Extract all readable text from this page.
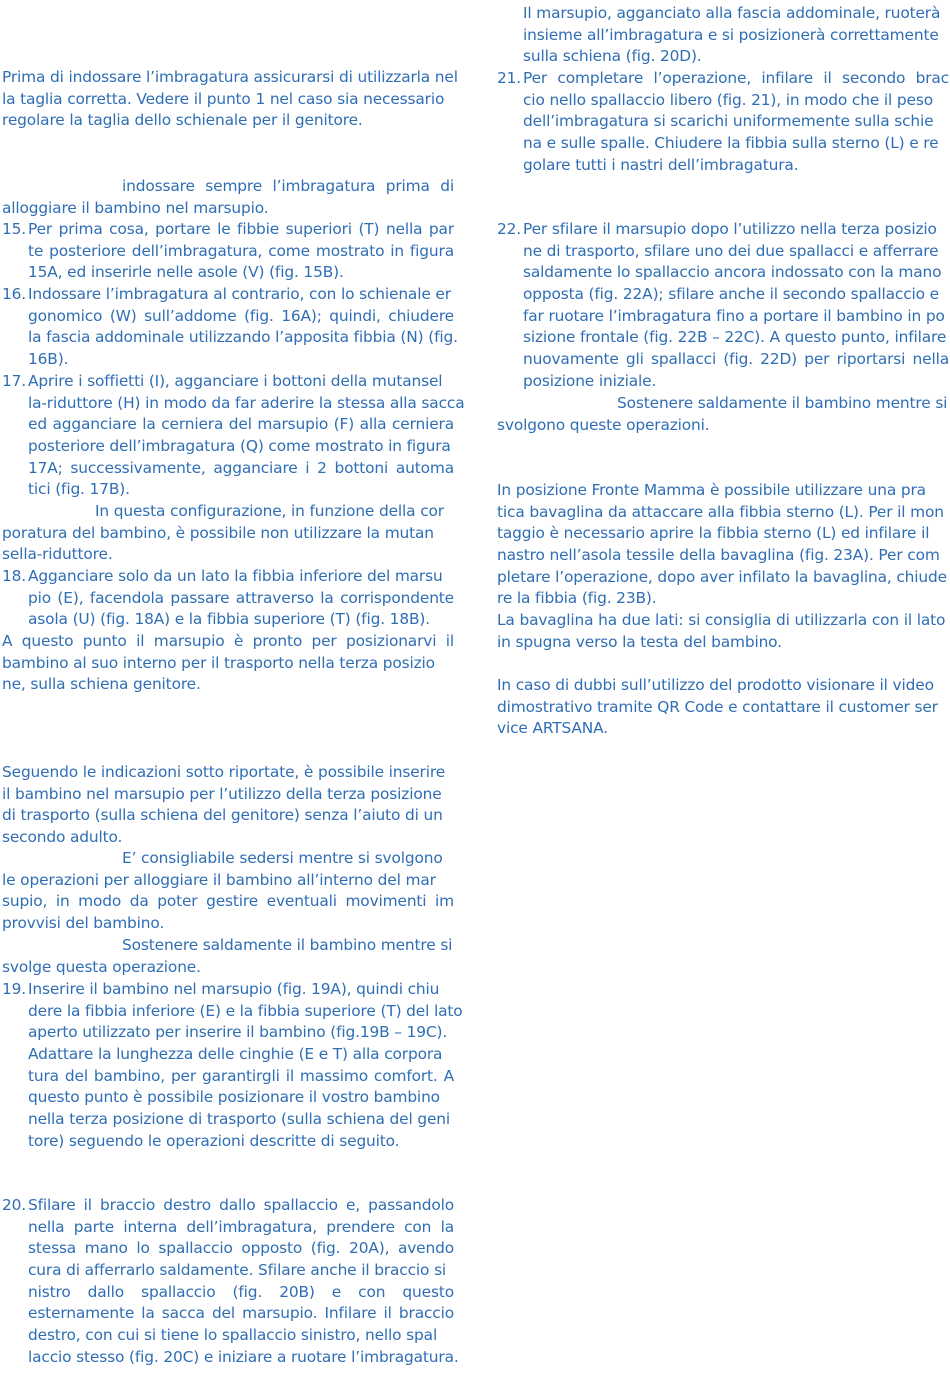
Prima di indossare l’imbragatura assicurarsi di utilizzarla nel
la taglia corretta. Vedere il punto 1 nel caso sia necessario
regolare la taglia dello schienale per il genitore.
indossare sempre l’imbragatura prima di
alloggiare il bambino nel marsupio.
15. Per prima cosa, portare le fibbie superiori (T) nella par
te posteriore dell’imbragatura, come mostrato in figura
15A, ed inserirle nelle asole (V) (fig. 15B).
16. Indossare l’imbragatura al contrario, con lo schienale er
gonomico (W) sull’addome (fig. 16A); quindi, chiudere
la fascia addominale utilizzando l’apposita fibbia (N) (fig.
16B).
17. Aprire i soffietti (I), agganciare i bottoni della mutansel
la-riduttore (H) in modo da far aderire la stessa alla sacca
ed agganciare la cerniera del marsupio (F) alla cerniera
posteriore dell’imbragatura (Q) come mostrato in figura
17A; successivamente, agganciare i 2 bottoni automa
tici (fig. 17B).
In questa configurazione, in funzione della cor
poratura del bambino, è possibile non utilizzare la mutan
sella-riduttore.
18. Agganciare solo da un lato la fibbia inferiore del marsu
pio (E), facendola passare attraverso la corrispondente
asola (U) (fig. 18A) e la fibbia superiore (T) (fig. 18B).
A questo punto il marsupio è pronto per posizionarvi il
bambino al suo interno per il trasporto nella terza posizio
ne, sulla schiena genitore.
Seguendo le indicazioni sotto riportate, è possibile inserire
il bambino nel marsupio per l’utilizzo della terza posizione
di trasporto (sulla schiena del genitore) senza l’aiuto di un
secondo adulto.
E’ consigliabile sedersi mentre si svolgono
le operazioni per alloggiare il bambino all’interno del mar
supio, in modo da poter gestire eventuali movimenti im
provvisi del bambino.
Sostenere saldamente il bambino mentre si
svolge questa operazione.
19. Inserire il bambino nel marsupio (fig. 19A), quindi chiu
dere la fibbia inferiore (E) e la fibbia superiore (T) del lato
aperto utilizzato per inserire il bambino (fig.19B – 19C).
Adattare la lunghezza delle cinghie (E e T) alla corpora
tura del bambino, per garantirgli il massimo comfort. A
questo punto è possibile posizionare il vostro bambino
nella terza posizione di trasporto (sulla schiena del geni
tore) seguendo le operazioni descritte di seguito.
20. Sfilare il braccio destro dallo spallaccio e, passandolo
nella parte interna dell’imbragatura, prendere con la
stessa mano lo spallaccio opposto (fig. 20A), avendo
cura di afferrarlo saldamente. Sfilare anche il braccio si
nistro dallo spallaccio (fig. 20B) e con questo
esternamente la sacca del marsupio. Infilare il braccio
destro, con cui si tiene lo spallaccio sinistro, nello spal
laccio stesso (fig. 20C) e iniziare a ruotare l’imbragatura.
Il marsupio, agganciato alla fascia addominale, ruoterà
insieme all’imbragatura e si posizionerà correttamente
sulla schiena (fig. 20D).
21. Per completare l’operazione, infilare il secondo brac
cio nello spallaccio libero (fig. 21), in modo che il peso
dell’imbragatura si scarichi uniformemente sulla schie
na e sulle spalle. Chiudere la fibbia sulla sterno (L) e re
golare tutti i nastri dell’imbragatura.
22. Per sfilare il marsupio dopo l’utilizzo nella terza posizio
ne di trasporto, sfilare uno dei due spallacci e afferrare
saldamente lo spallaccio ancora indossato con la mano
opposta (fig. 22A); sfilare anche il secondo spallaccio e
far ruotare l’imbragatura fino a portare il bambino in po
sizione frontale (fig. 22B – 22C). A questo punto, infilare
nuovamente gli spallacci (fig. 22D) per riportarsi nella
posizione iniziale.
Sostenere saldamente il bambino mentre si
svolgono queste operazioni.
In posizione Fronte Mamma è possibile utilizzare una pra
tica bavaglina da attaccare alla fibbia sterno (L). Per il mon
taggio è necessario aprire la fibbia sterno (L) ed infilare il
nastro nell’asola tessile della bavaglina (fig. 23A). Per com
pletare l’operazione, dopo aver infilato la bavaglina, chiude
re la fibbia (fig. 23B).
La bavaglina ha due lati: si consiglia di utilizzarla con il lato
in spugna verso la testa del bambino.
In caso di dubbi sull’utilizzo del prodotto visionare il video
dimostrativo tramite QR Code e contattare il customer ser
vice ARTSANA.
